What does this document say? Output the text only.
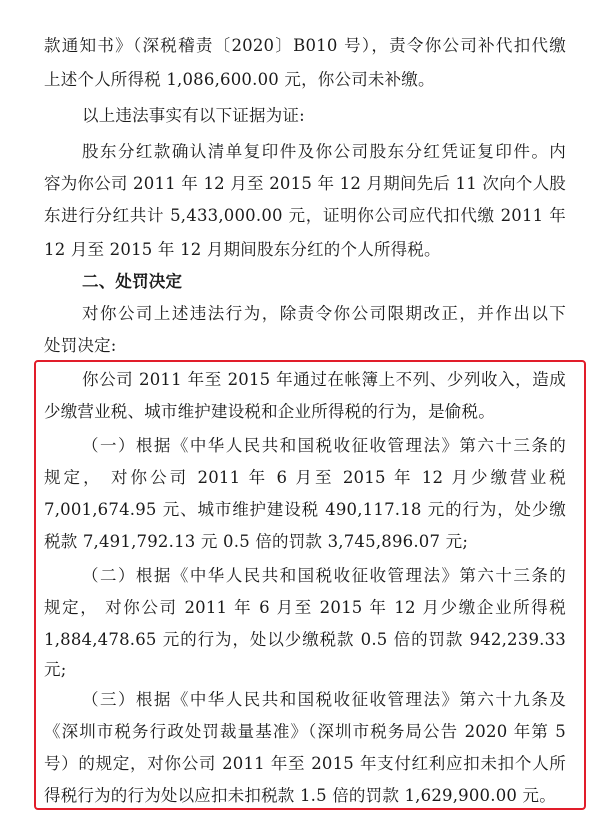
款通知书》（深税稽责〔2020〕B010 号），责令你公司补代扣代缴
上述个人所得税 1,086,600.00 元，你公司未补缴。
以上违法事实有以下证据为证:
股东分红款确认清单复印件及你公司股东分红凭证复印件。内
容为你公司 2011 年 12 月至 2015 年 12 月期间先后 11 次向个人股
东进行分红共计 5,433,000.00 元，证明你公司应代扣代缴 2011 年
12 月至 2015 年 12 月期间股东分红的个人所得税。
二、处罚决定
对你公司上述违法行为，除责令你公司限期改正，并作出以下
处罚决定:
你公司 2011 年至 2015 年通过在帐簿上不列、少列收入，造成
少缴营业税、城市维护建设税和企业所得税的行为，是偷税。
（一）根据《中华人民共和国税收征收管理法》第六十三条的
规定， 对你公司 2011 年 6 月至 2015 年 12 月少缴营业税
7,001,674.95 元、城市维护建设税 490,117.18 元的行为，处少缴
税款 7,491,792.13 元 0.5 倍的罚款 3,745,896.07 元;
（二）根据《中华人民共和国税收征收管理法》第六十三条的
规定， 对你公司 2011 年 6 月至 2015 年 12 月少缴企业所得税
1,884,478.65 元的行为，处以少缴税款 0.5 倍的罚款 942,239.33
元;
（三）根据《中华人民共和国税收征收管理法》第六十九条及
《深圳市税务行政处罚裁量基准》（深圳市税务局公告 2020 年第 5
号）的规定，对你公司 2011 年至 2015 年支付红利应扣未扣个人所
得税行为的行为处以应扣未扣税款 1.5 倍的罚款 1,629,900.00 元。
